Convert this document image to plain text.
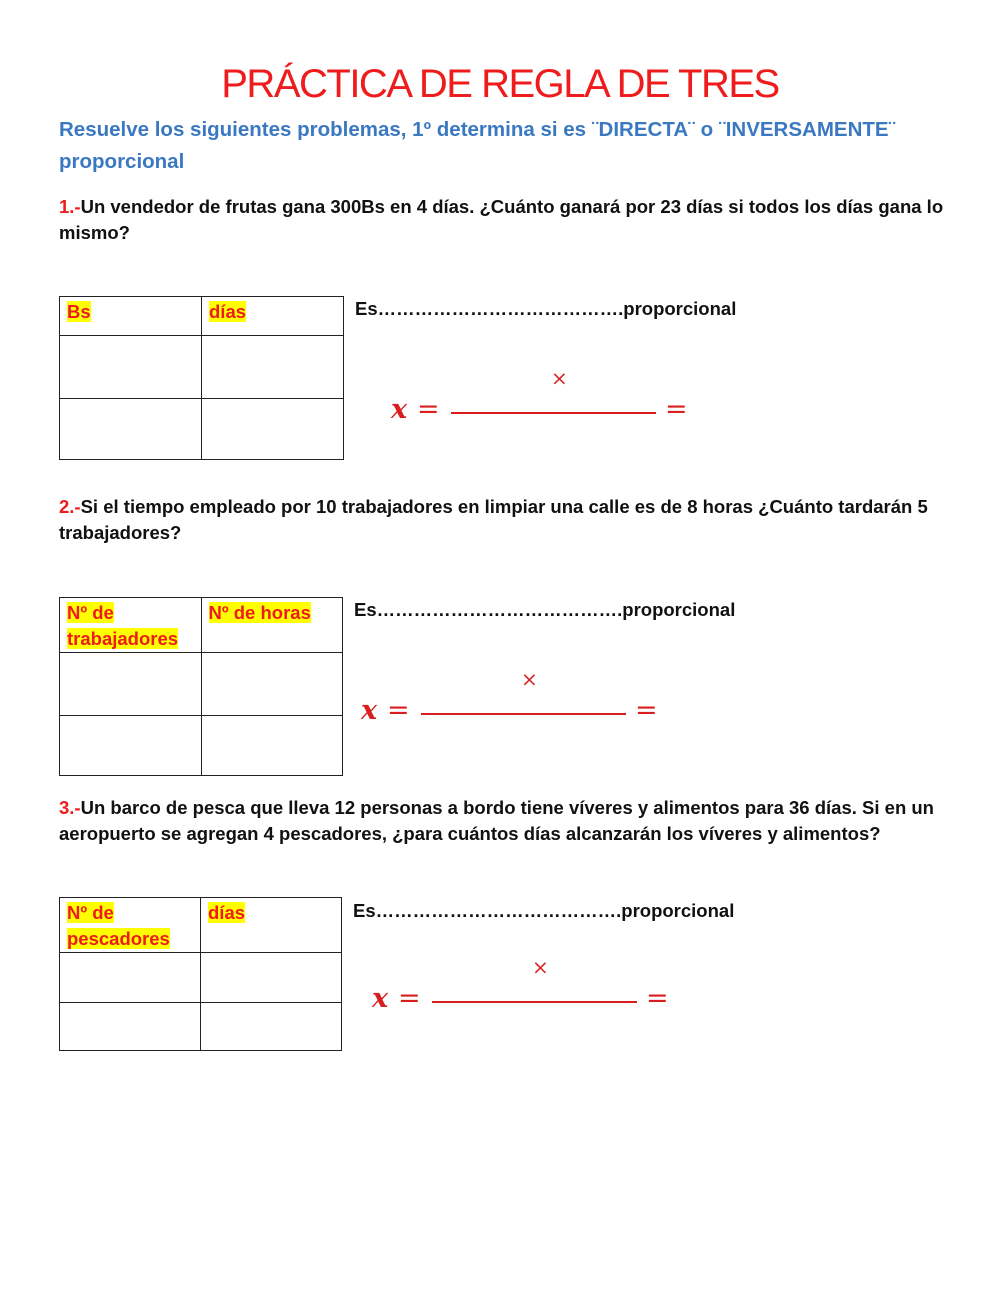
PRÁCTICA DE REGLA DE TRES
Resuelve los siguientes problemas, 1º determina si es ¨DIRECTA¨ o ¨INVERSAMENTE¨ proporcional
1.-Un vendedor de frutas gana 300Bs en 4 días. ¿Cuánto ganará por 23 días si todos los días gana lo mismo?
Bs	días

		Es………………………………….proporcional
x =
×
=
2.-Si el tiempo empleado por 10 trabajadores en limpiar una calle es de 8 horas ¿Cuánto tardarán 5 trabajadores?
Nº de trabajadores	Nº de horas

	Es………………………………….proporcional
x =
×
=
3.-Un barco de pesca que lleva 12 personas a bordo tiene víveres y alimentos para 36 días. Si en un aeropuerto se agregan 4 pescadores, ¿para cuántos días alcanzarán los víveres y alimentos?
Nº de pescadores	días

		Es………………………………….proporcional
x =
×
=
